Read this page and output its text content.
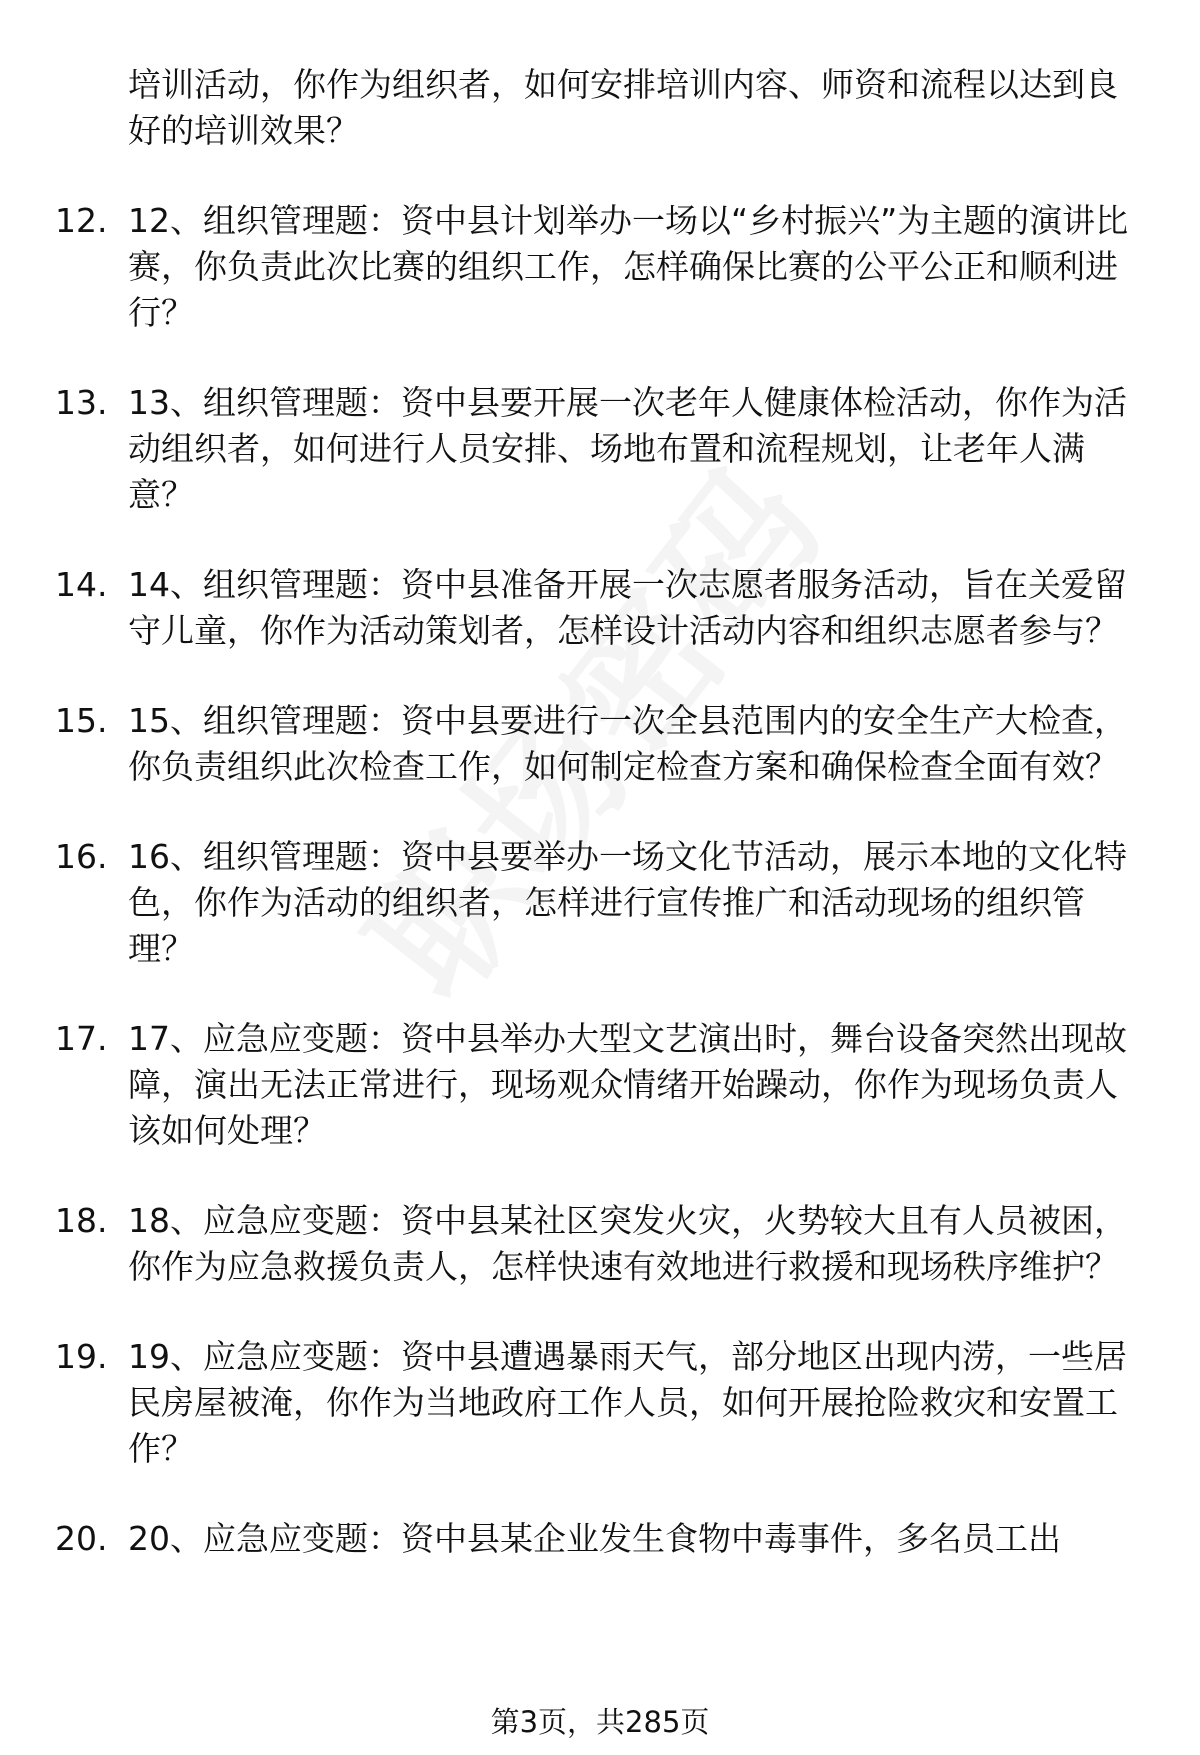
培训活动，你作为组织者，如何安排培训内容、师资和流程以达到良好的培训效果？
12. 12、组织管理题：资中县计划举办一场以“乡村振兴”为主题的演讲比赛，你负责此次比赛的组织工作，怎样确保比赛的公平公正和顺利进行？
13. 13、组织管理题：资中县要开展一次老年人健康体检活动，你作为活动组织者，如何进行人员安排、场地布置和流程规划，让老年人满意？
14. 14、组织管理题：资中县准备开展一次志愿者服务活动，旨在关爱留守儿童，你作为活动策划者，怎样设计活动内容和组织志愿者参与？
15. 15、组织管理题：资中县要进行一次全县范围内的安全生产大检查，你负责组织此次检查工作，如何制定检查方案和确保检查全面有效？
16. 16、组织管理题：资中县要举办一场文化节活动，展示本地的文化特色，你作为活动的组织者，怎样进行宣传推广和活动现场的组织管理？
17. 17、应急应变题：资中县举办大型文艺演出时，舞台设备突然出现故障，演出无法正常进行，现场观众情绪开始躁动，你作为现场负责人该如何处理？
18. 18、应急应变题：资中县某社区突发火灾，火势较大且有人员被困，你作为应急救援负责人，怎样快速有效地进行救援和现场秩序维护？
19. 19、应急应变题：资中县遭遇暴雨天气，部分地区出现内涝，一些居民房屋被淹，你作为当地政府工作人员，如何开展抢险救灾和安置工作？
20. 20、应急应变题：资中县某企业发生食物中毒事件，多名员工出
第3页，共285页
